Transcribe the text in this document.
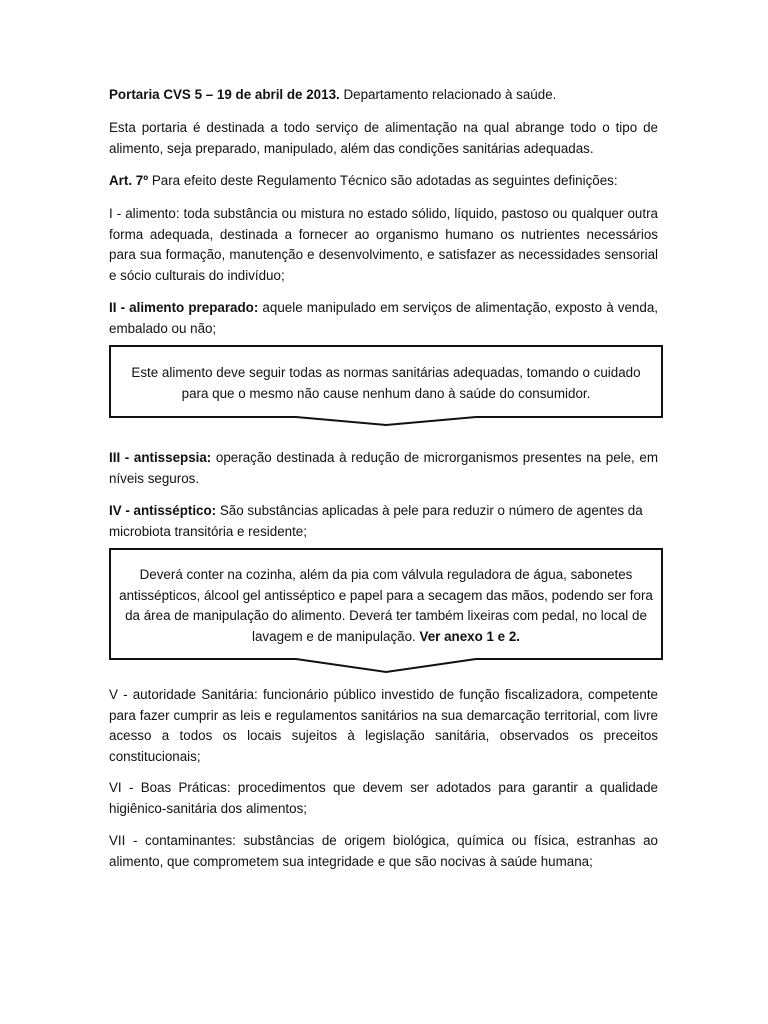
Portaria CVS 5 – 19 de abril de 2013. Departamento relacionado à saúde.

Esta portaria é destinada a todo serviço de alimentação na qual abrange todo o tipo de alimento, seja preparado, manipulado, além das condições sanitárias adequadas.

Art. 7º Para efeito deste Regulamento Técnico são adotadas as seguintes definições:

I - alimento: toda substância ou mistura no estado sólido, líquido, pastoso ou qualquer outra forma adequada, destinada a fornecer ao organismo humano os nutrientes necessários para sua formação, manutenção e desenvolvimento, e satisfazer as necessidades sensorial e sócio culturais do indivíduo;

II - alimento preparado: aquele manipulado em serviços de alimentação, exposto à venda, embalado ou não;

Este alimento deve seguir todas as normas sanitárias adequadas, tomando o cuidado para que o mesmo não cause nenhum dano à saúde do consumidor.

III - antissepsia: operação destinada à redução de microrganismos presentes na pele, em níveis seguros.

IV - antisséptico: São substâncias aplicadas à pele para reduzir o número de agentes da microbiota transitória e residente;

Deverá conter na cozinha, além da pia com válvula reguladora de água, sabonetes antissépticos, álcool gel antisséptico e papel para a secagem das mãos, podendo ser fora da área de manipulação do alimento. Deverá ter também lixeiras com pedal, no local de lavagem e de manipulação. Ver anexo 1 e 2.

V - autoridade Sanitária: funcionário público investido de função fiscalizadora, competente para fazer cumprir as leis e regulamentos sanitários na sua demarcação territorial, com livre acesso a todos os locais sujeitos à legislação sanitária, observados os preceitos constitucionais;

VI - Boas Práticas: procedimentos que devem ser adotados para garantir a qualidade higiênico-sanitária dos alimentos;

VII - contaminantes: substâncias de origem biológica, química ou física, estranhas ao alimento, que comprometem sua integridade e que são nocivas à saúde humana;
